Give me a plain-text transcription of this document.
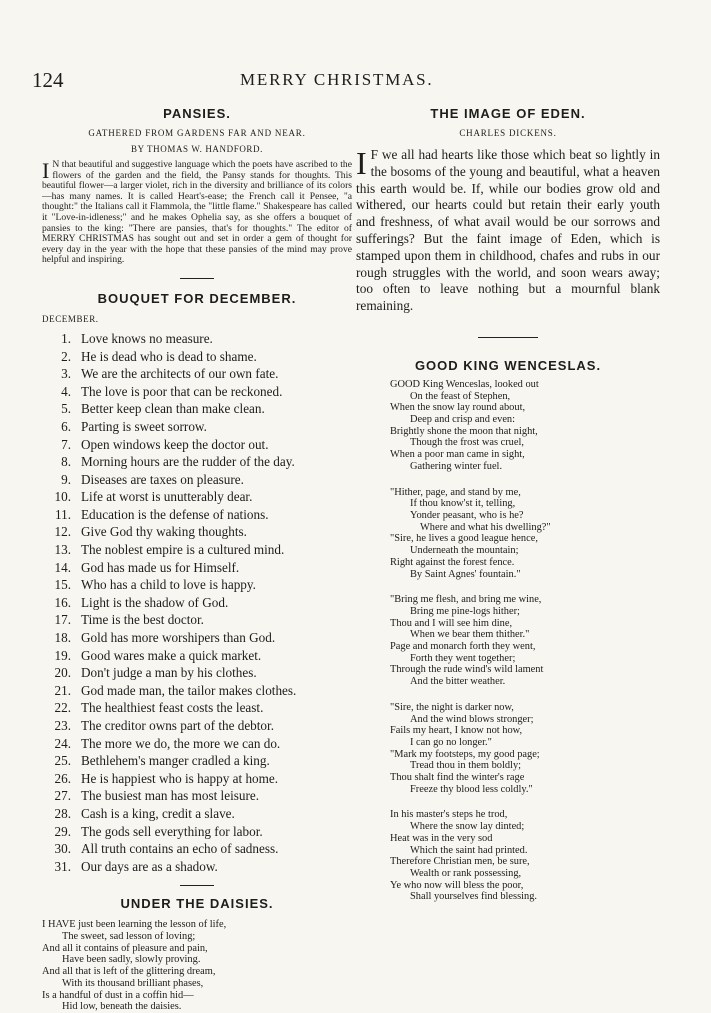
124	MERRY CHRISTMAS.
PANSIES.
GATHERED FROM GARDENS FAR AND NEAR.
BY THOMAS W. HANDFORD.

IN that beautiful and suggestive language which the poets have ascribed to the flowers of the garden and the field, the Pansy stands for thoughts. This beautiful flower—a larger violet, rich in the diversity and brilliance of its colors—has many names. It is called Heart's-ease; the French call it Pensee, "a thought:" the Italians call it Flammola, the "little flame." Shakespeare has called it "Love-in-idleness;" and he makes Ophelia say, as she offers a bouquet of pansies to the king: "There are pansies, that's for thoughts." The editor of MERRY CHRISTMAS has sought out and set in order a gem of thought for every day in the year with the hope that these pansies of the mind may prove helpful and inspiring.

BOUQUET FOR DECEMBER.
DECEMBER.
1. Love knows no measure.
2. He is dead who is dead to shame.
3. We are the architects of our own fate.
4. The love is poor that can be reckoned.
5. Better keep clean than make clean.
6. Parting is sweet sorrow.
7. Open windows keep the doctor out.
8. Morning hours are the rudder of the day.
9. Diseases are taxes on pleasure.
10. Life at worst is unutterably dear.
11. Education is the defense of nations.
12. Give God thy waking thoughts.
13. The noblest empire is a cultured mind.
14. God has made us for Himself.
15. Who has a child to love is happy.
16. Light is the shadow of God.
17. Time is the best doctor.
18. Gold has more worshipers than God.
19. Good wares make a quick market.
20. Don't judge a man by his clothes.
21. God made man, the tailor makes clothes.
22. The healthiest feast costs the least.
23. The creditor owns part of the debtor.
24. The more we do, the more we can do.
25. Bethlehem's manger cradled a king.
26. He is happiest who is happy at home.
27. The busiest man has most leisure.
28. Cash is a king, credit a slave.
29. The gods sell everything for labor.
30. All truth contains an echo of sadness.
31. Our days are as a shadow.
UNDER THE DAISIES.
I HAVE just been learning the lesson of life,
The sweet, sad lesson of loving;
And all it contains of pleasure and pain,
Have been sadly, slowly proving.
And all that is left of the glittering dream,
With its thousand brilliant phases,
Is a handful of dust in a coffin hid—
Hid low, beneath the daisies.
THE IMAGE OF EDEN.
CHARLES DICKENS.
I F we all had hearts like those which beat so lightly in the bosoms of the young and beautiful, what a heaven this earth would be. If, while our bodies grow old and withered, our hearts could but retain their early youth and freshness, of what avail would be our sorrows and sufferings? But the faint image of Eden, which is stamped upon them in childhood, chafes and rubs in our rough struggles with the world, and soon wears away; too often to leave nothing but a mournful blank remaining.
GOOD KING WENCESLAS.
GOOD King Wenceslas, looked out
On the feast of Stephen,
When the snow lay round about,
Deep and crisp and even:
Brightly shone the moon that night,
Though the frost was cruel,
When a poor man came in sight,
Gathering winter fuel.
"Hither, page, and stand by me,
If thou know'st it, telling,
Yonder peasant, who is he?
Where and what his dwelling?"
"Sire, he lives a good league hence,
Underneath the mountain;
Right against the forest fence.
By Saint Agnes' fountain."
"Bring me flesh, and bring me wine,
Bring me pine-logs hither;
Thou and I will see him dine,
When we bear them thither."
Page and monarch forth they went,
Forth they went together;
Through the rude wind's wild lament
And the bitter weather.
"Sire, the night is darker now,
And the wind blows stronger;
Fails my heart, I know not how,
I can go no longer."
"Mark my footsteps, my good page;
Tread thou in them boldly;
Thou shalt find the winter's rage
Freeze thy blood less coldly."
In his master's steps he trod,
Where the snow lay dinted;
Heat was in the very sod
Which the saint had printed.
Therefore Christian men, be sure,
Wealth or rank possessing,
Ye who now will bless the poor,
Shall yourselves find blessing.
